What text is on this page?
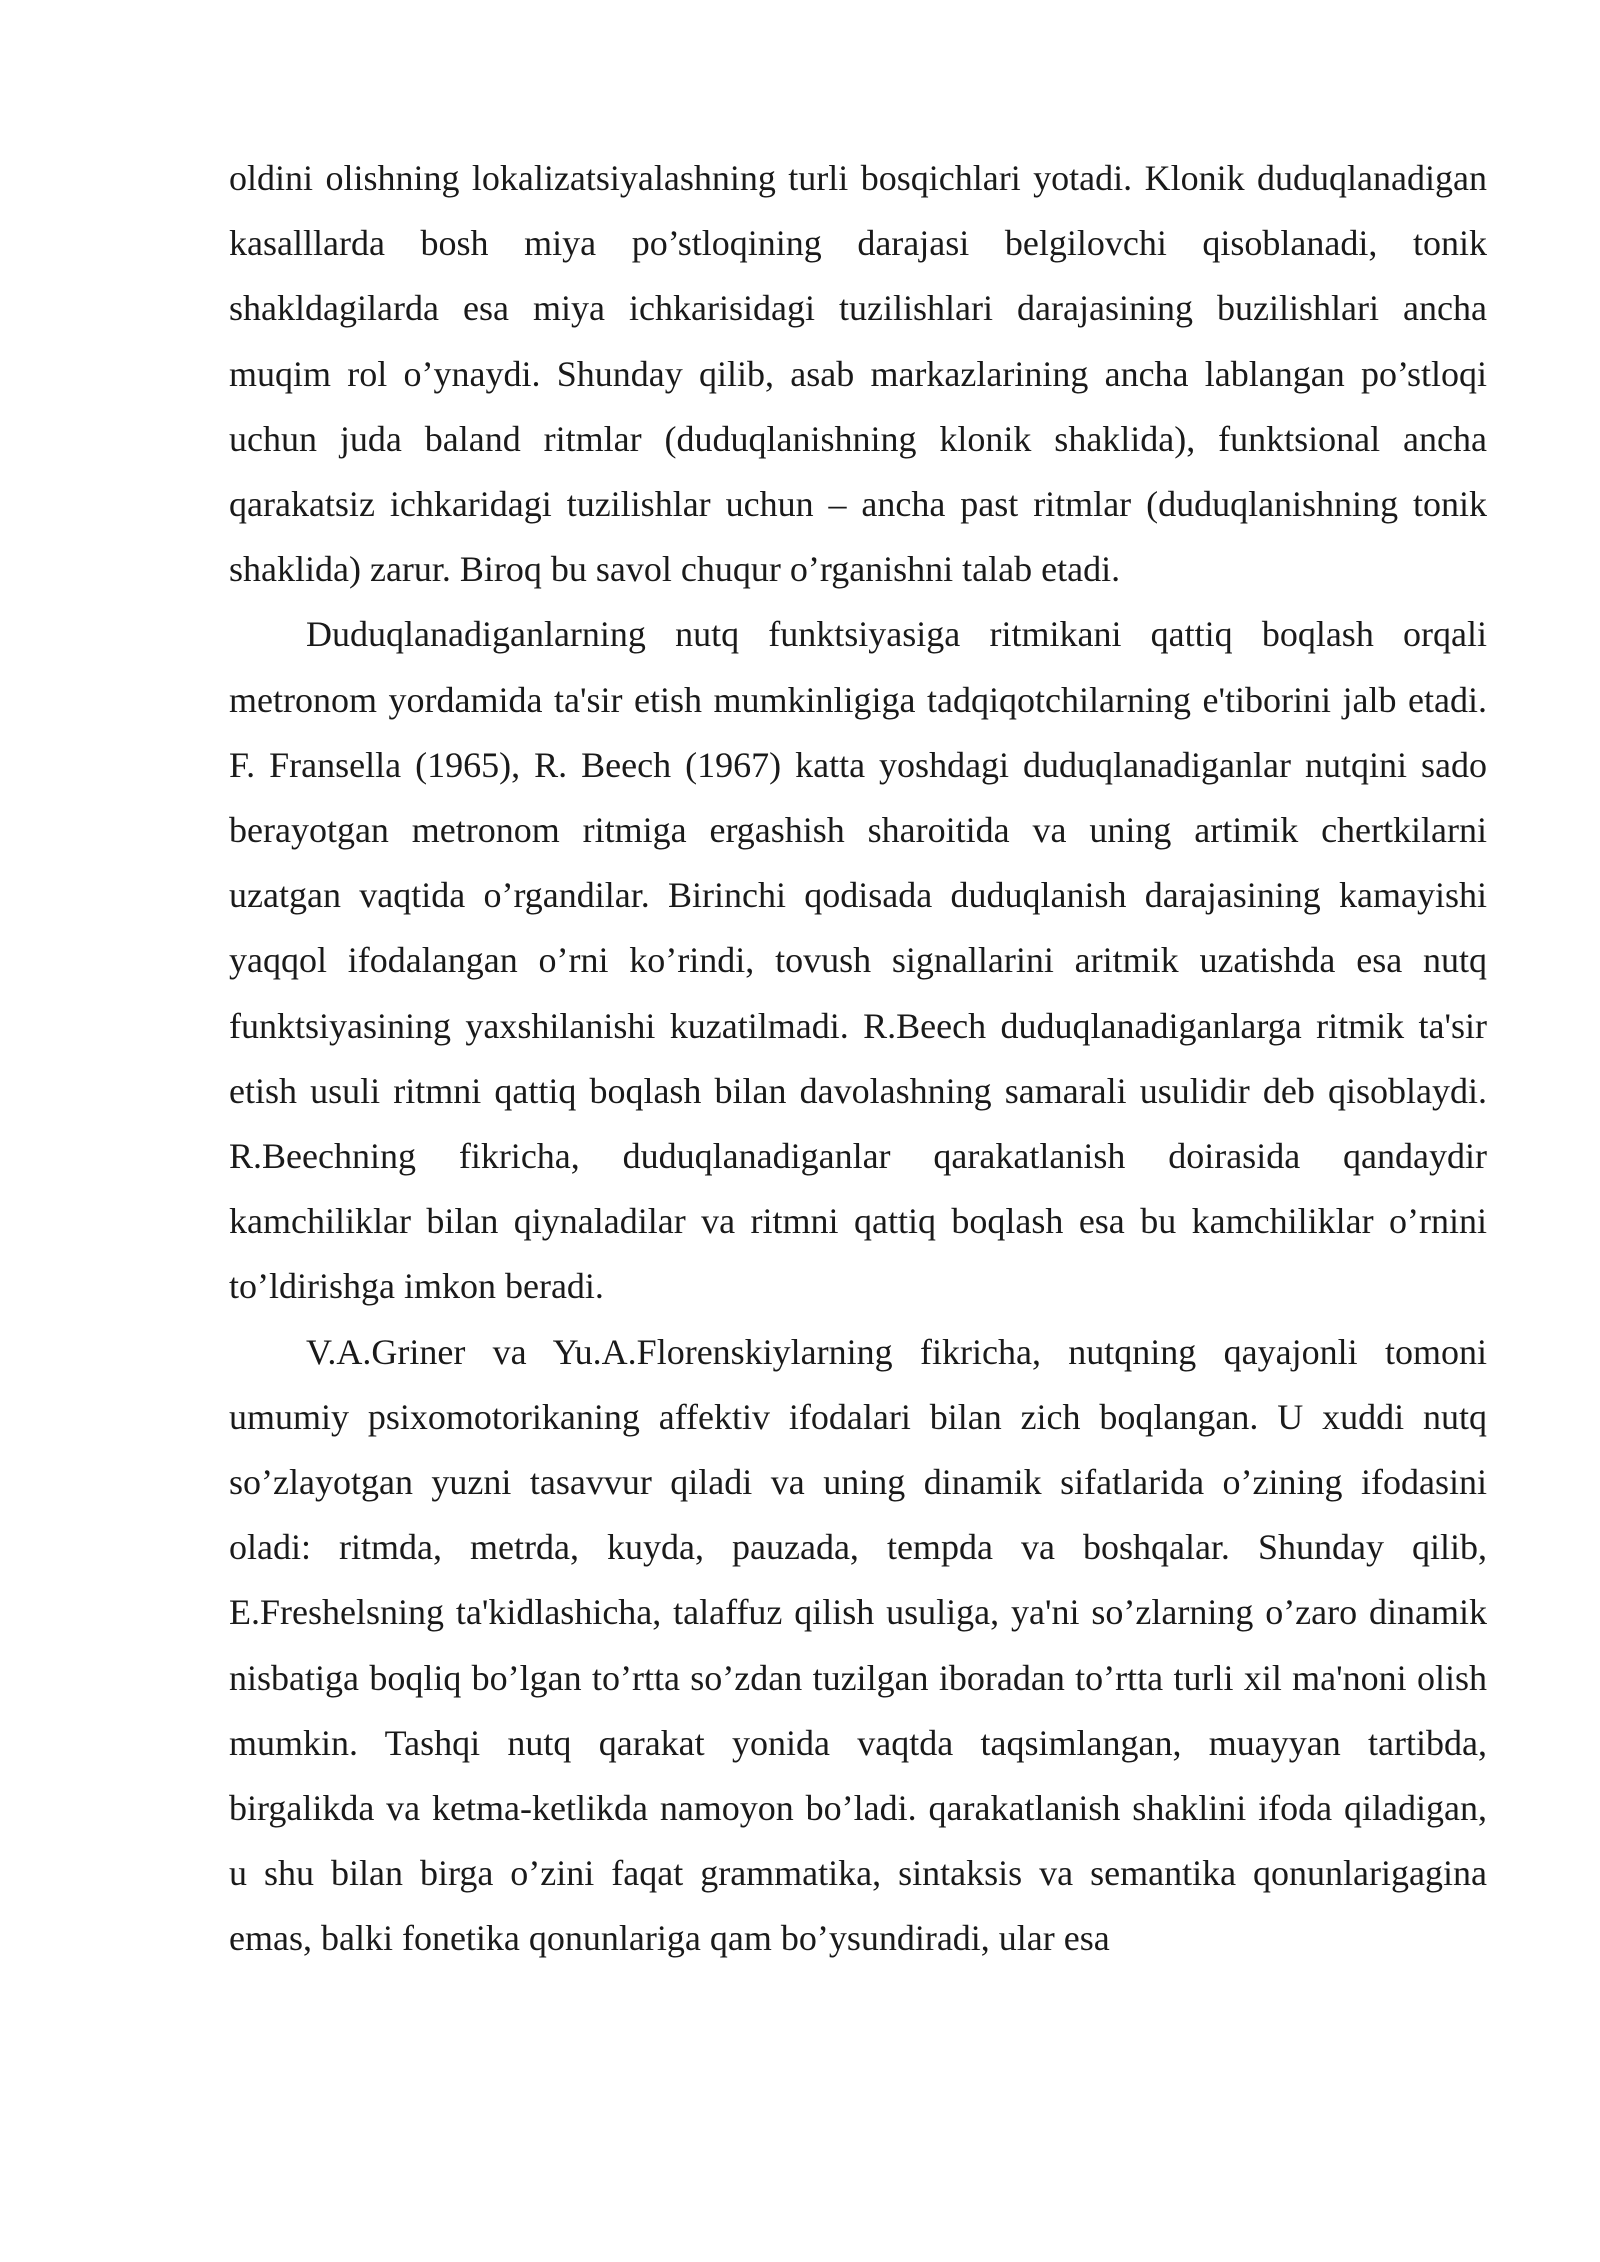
oldini olishning lokalizatsiyalashning turli bosqichlari yotadi. Klonik duduqlanadigan kasalllarda bosh miya po’stloqining darajasi belgilovchi qisoblanadi, tonik shakldagilarda esa miya ichkarisidagi tuzilishlari darajasining buzilishlari ancha muqim rol o’ynaydi. Shunday qilib, asab markazlarining ancha lablangan po’stloqi uchun juda baland ritmlar (duduqlanishning klonik shaklida), funktsional ancha qarakatsiz ichkaridagi tuzilishlar uchun – ancha past ritmlar (duduqlanishning tonik shaklida) zarur. Biroq bu savol chuqur o’rganishni talab etadi.

Duduqlanadiganlarning nutq funktsiyasiga ritmikani qattiq boqlash orqali metronom yordamida ta'sir etish mumkinligiga tadqiqotchilarning e'tiborini jalb etadi. F. Fransella (1965), R. Beech (1967) katta yoshdagi duduqlanadiganlar nutqini sado berayotgan metronom ritmiga ergashish sharoitida va uning artimik chertkilarni uzatgan vaqtida o’rgandilar. Birinchi qodisada duduqlanish darajasining kamayishi yaqqol ifodalangan o’rni ko’rindi, tovush signallarini aritmik uzatishda esa nutq funktsiyasining yaxshilanishi kuzatilmadi. R.Beech duduqlanadiganlarga ritmik ta'sir etish usuli ritmni qattiq boqlash bilan davolashning samarali usulidir deb qisoblaydi. R.Beechning fikricha, duduqlanadiganlar qarakatlanish doirasida qandaydir kamchiliklar bilan qiynaladilar va ritmni qattiq boqlash esa bu kamchiliklar o’rnini to’ldirishga imkon beradi.

V.A.Griner va Yu.A.Florenskiylarning fikricha, nutqning qayajonli tomoni umumiy psixomotorikaning affektiv ifodalari bilan zich boqlangan. U xuddi nutq so’zlayotgan yuzni tasavvur qiladi va uning dinamik sifatlarida o’zining ifodasini oladi: ritmda, metrda, kuyda, pauzada, tempda va boshqalar. Shunday qilib, E.Freshelsning ta'kidlashicha, talaffuz qilish usuliga, ya'ni so’zlarning o’zaro dinamik nisbatiga boqliq bo’lgan to’rtta so’zdan tuzilgan iboradan to’rtta turli xil ma'noni olish mumkin. Tashqi nutq qarakat yonida vaqtda taqsimlangan, muayyan tartibda, birgalikda va ketma-ketlikda namoyon bo’ladi. qarakatlanish shaklini ifoda qiladigan, u shu bilan birga o’zini faqat grammatika, sintaksis va semantika qonunlarigagina emas, balki fonetika qonunlariga qam bo’ysundiradi, ular esa
